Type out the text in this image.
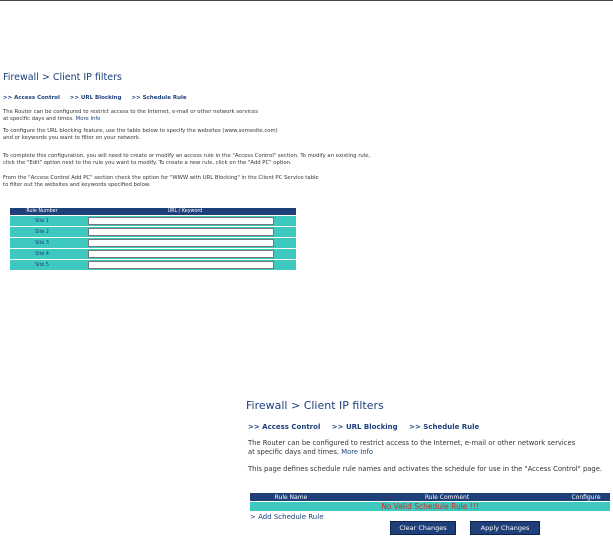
Firewall > Client IP filters
>> Access Control >> URL Blocking >> Schedule Rule
The Router can be configured to restrict access to the Internet, e-mail or other network services
at specific days and times. More Info
To configure the URL blocking feature, use the table below to specify the websites (www.somesite.com)
and or keywords you want to filter on your network.
To complete this configuration, you will need to create or modify an access rule in the "Access Control" section. To modify an existing rule,
click the "Edit" option next to the rule you want to modify. To create a new rule, click on the "Add PC" option.
From the "Access Control Add PC" section check the option for "WWW with URL Blocking" in the Client PC Service table
to filter out the websites and keywords specified below.
Rule Number	URL / Keyword
Site 1
Site 2
Site 3
Site 4
Site 5
Firewall > Client IP filters
>> Access Control >> URL Blocking >> Schedule Rule
The Router can be configured to restrict access to the Internet, e-mail or other network services
at specific days and times. More Info
This page defines schedule rule names and activates the schedule for use in the "Access Control" page.
Rule Name	Rule Comment	Configure
No Valid Schedule Rule !!!
> Add Schedule Rule
Clear Changes	Apply Changes
